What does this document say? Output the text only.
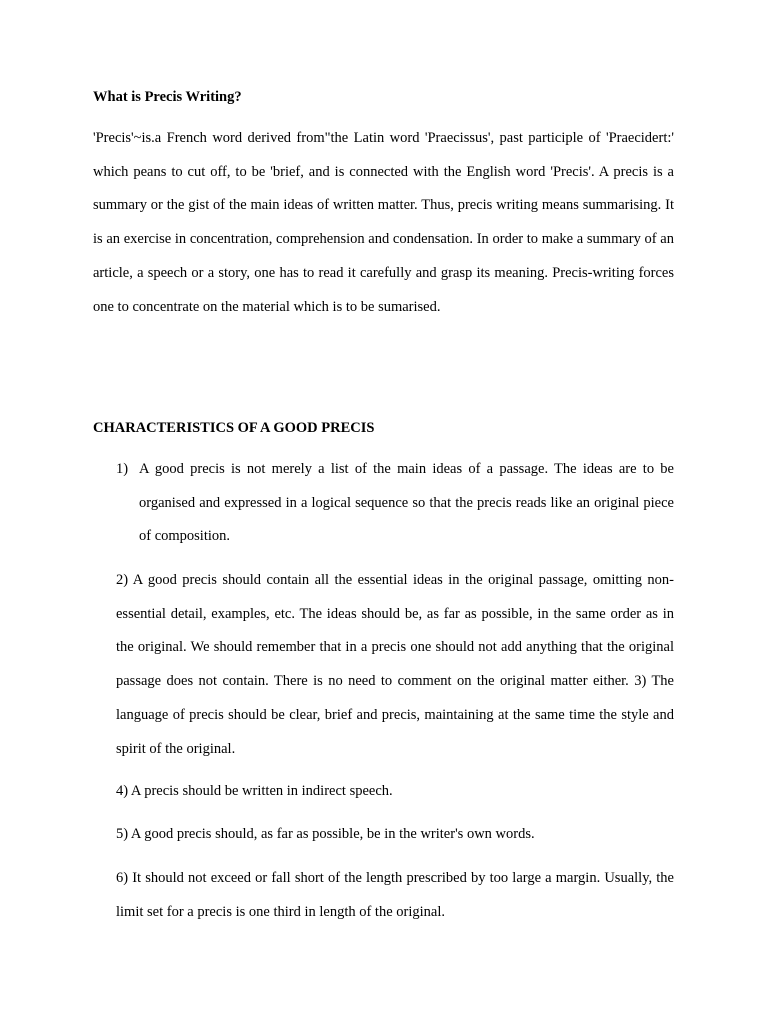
What is Precis Writing?

'Precis'~is.a French word derived from"the Latin word 'Praecissus', past participle of 'Praecidert:' which peans to cut off, to be 'brief, and is connected with the English word 'Precis'. A precis is a summary or the gist of the main ideas of written matter. Thus, precis writing means summarising. It is an exercise in concentration, comprehension and condensation. In order to make a summary of an article, a speech or a story, one has to read it carefully and grasp its meaning. Precis-writing forces one to concentrate on the material which is to be sumarised.

CHARACTERISTICS OF A GOOD PRECIS
1) A good precis is not merely a list of the main ideas of a passage. The ideas are to be organised and expressed in a logical sequence so that the precis reads like an original piece of composition.

2) A good precis should contain all the essential ideas in the original passage, omitting non-essential detail, examples, etc. The ideas should be, as far as possible, in the same order as in the original. We should remember that in a precis one should not add anything that the original passage does not contain. There is no need to comment on the original matter either. 3) The language of precis should be clear, brief and precis, maintaining at the same time the style and spirit of the original.

4) A precis should be written in indirect speech.

5) A good precis should, as far as possible, be in the writer's own words.

6) It should not exceed or fall short of the length prescribed by too large a margin. Usually, the limit set for a precis is one third in length of the original.
